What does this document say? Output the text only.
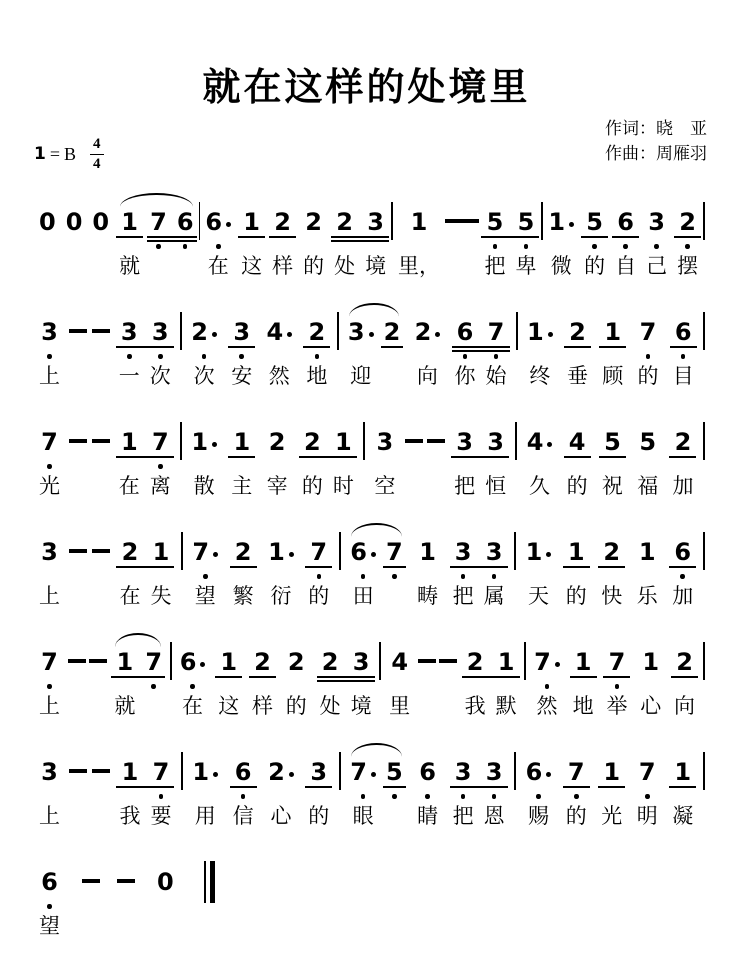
就在这样的处境里
作词：晓　亚
作曲：周雁羽
1 = B $\frac{4}{4}$
0 0 0 1
就
7 6 6
在
1
这
2
样
2
的
2
处
3
境
1
里，
5
把
5
卑
1
微
5
的
6
自
3
己
2
摆
3
上
3
一
3
次
2
次
3
安
4
然
2
地
3
迎
2 2
向
6
你
7
始
1
终
2
垂
1
顾
7
的
6
目
7
光
1
在
7
离
1
散
1
主
2
宰
2
的
1
时
3
空
3
把
3
恒
4
久
4
的
5
祝
5
福
2
加
3
上
2
在
1
失
7
望
2
繁
1
衍
7
的
6
田
7 1
畴
3
把
3
属
1
天
1
的
2
快
1
乐
6
加
7
上
1
就
7 6
在
1
这
2
样
2
的
2
处
3
境
4
里
2
我
1
默
7
然
1
地
7
举
1
心
2
向
3
上
1
我
7
要
1
用
6
信
2
心
3
的
7
眼
5 6
睛
3
把
3
恩
6
赐
7
的
1
光
7
明
1
凝
6
望
0
